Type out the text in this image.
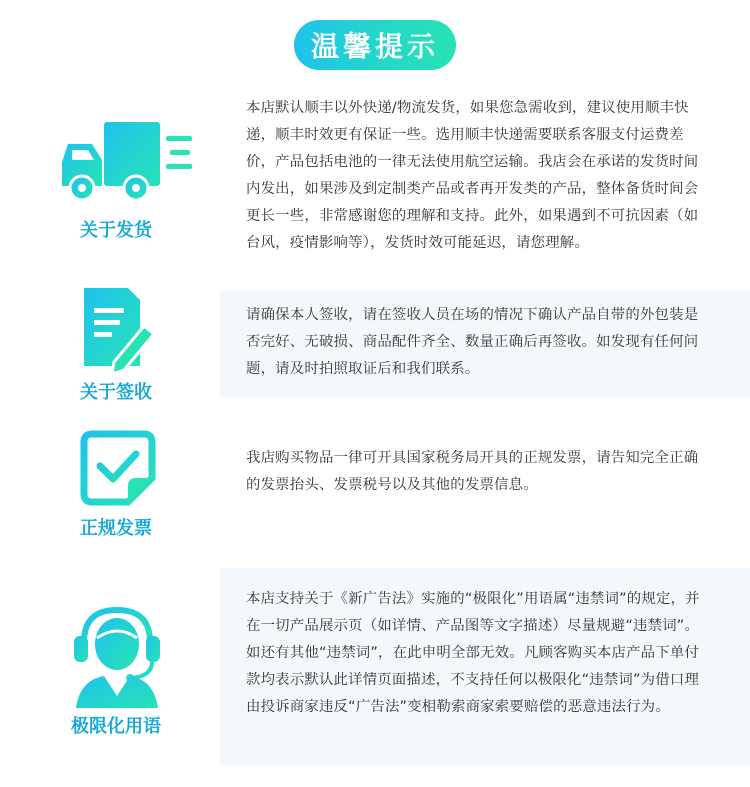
温馨提示
关于发货
本店默认顺丰以外快递/物流发货，如果您急需收到，建议使用顺丰快递，顺丰时效更有保证一些。选用顺丰快递需要联系客服支付运费差价，产品包括电池的一律无法使用航空运输。我店会在承诺的发货时间内发出，如果涉及到定制类产品或者再开发类的产品，整体备货时间会更长一些，非常感谢您的理解和支持。此外，如果遇到不可抗因素（如台风，疫情影响等），发货时效可能延迟，请您理解。
关于签收
请确保本人签收，请在签收人员在场的情况下确认产品自带的外包装是否完好、无破损、商品配件齐全、数量正确后再签收。如发现有任何问题，请及时拍照取证后和我们联系。
正规发票
我店购买物品一律可开具国家税务局开具的正规发票，请告知完全正确的发票抬头、发票税号以及其他的发票信息。
极限化用语
本店支持关于《新广告法》实施的“极限化”用语属“违禁词”的规定，并在一切产品展示页（如详情、产品图等文字描述）尽量规避“违禁词”。如还有其他“违禁词”，在此申明全部无效。凡顾客购买本店产品下单付款均表示默认此详情页面描述，不支持任何以极限化“违禁词”为借口理由投诉商家违反“广告法”变相勒索商家索要赔偿的恶意违法行为。
